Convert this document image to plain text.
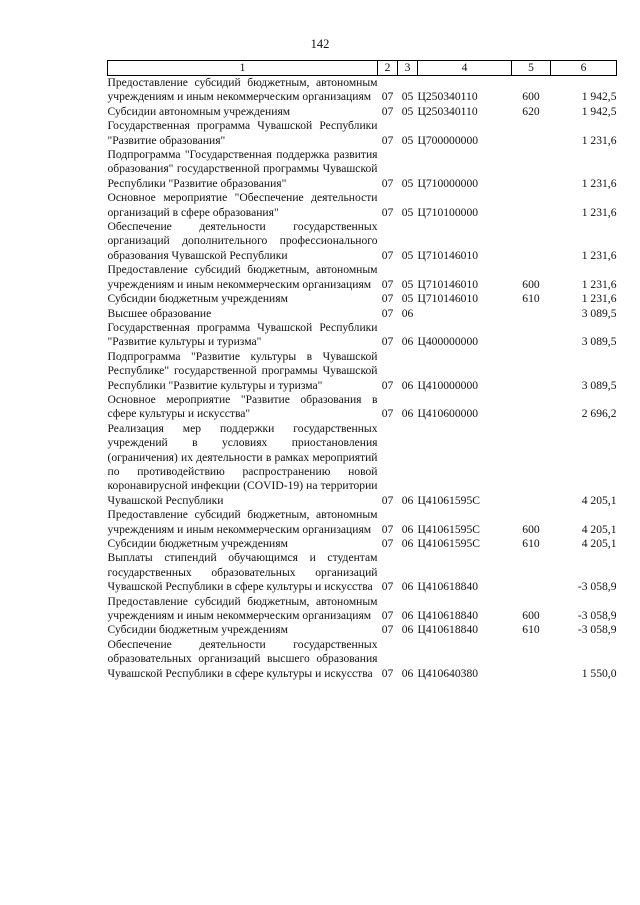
142
1	2	3	4	5	6
Предоставление субсидий бюджетным, автономным учреждениям и иным некоммерческим организациям	07	05	Ц250340110	600	1 942,5
Субсидии автономным учреждениям	07	05	Ц250340110	620	1 942,5
Государственная программа Чувашской Республики "Развитие образования"	07	05	Ц700000000		1 231,6
Подпрограмма "Государственная поддержка развития образования" государственной программы Чувашской Республики "Развитие образования"	07	05	Ц710000000		1 231,6
Основное мероприятие "Обеспечение деятельности организаций в сфере образования"	07	05	Ц710100000		1 231,6
Обеспечение деятельности государственных организаций дополнительного профессионального образования Чувашской Республики	07	05	Ц710146010		1 231,6
Предоставление субсидий бюджетным, автономным учреждениям и иным некоммерческим организациям	07	05	Ц710146010	600	1 231,6
Субсидии бюджетным учреждениям	07	05	Ц710146010	610	1 231,6
Высшее образование	07	06			3 089,5
Государственная программа Чувашской Республики "Развитие культуры и туризма"	07	06	Ц400000000		3 089,5
Подпрограмма "Развитие культуры в Чувашской Республике" государственной программы Чувашской Республики "Развитие культуры и туризма"	07	06	Ц410000000		3 089,5
Основное мероприятие "Развитие образования в сфере культуры и искусства"	07	06	Ц410600000		2 696,2
Реализация мер поддержки государственных учреждений в условиях приостановления (ограничения) их деятельности в рамках мероприятий по противодействию распространению новой коронавирусной инфекции (COVID-19) на территории Чувашской Республики	07	06	Ц41061595С		4 205,1
Предоставление субсидий бюджетным, автономным учреждениям и иным некоммерческим организациям	07	06	Ц41061595С	600	4 205,1
Субсидии бюджетным учреждениям	07	06	Ц41061595С	610	4 205,1
Выплаты стипендий обучающимся и студентам государственных образовательных организаций Чувашской Республики в сфере культуры и искусства	07	06	Ц410618840		-3 058,9
Предоставление субсидий бюджетным, автономным учреждениям и иным некоммерческим организациям	07	06	Ц410618840	600	-3 058,9
Субсидии бюджетным учреждениям	07	06	Ц410618840	610	-3 058,9
Обеспечение деятельности государственных образовательных организаций высшего образования Чувашской Республики в сфере культуры и искусства	07	06	Ц410640380		1 550,0
